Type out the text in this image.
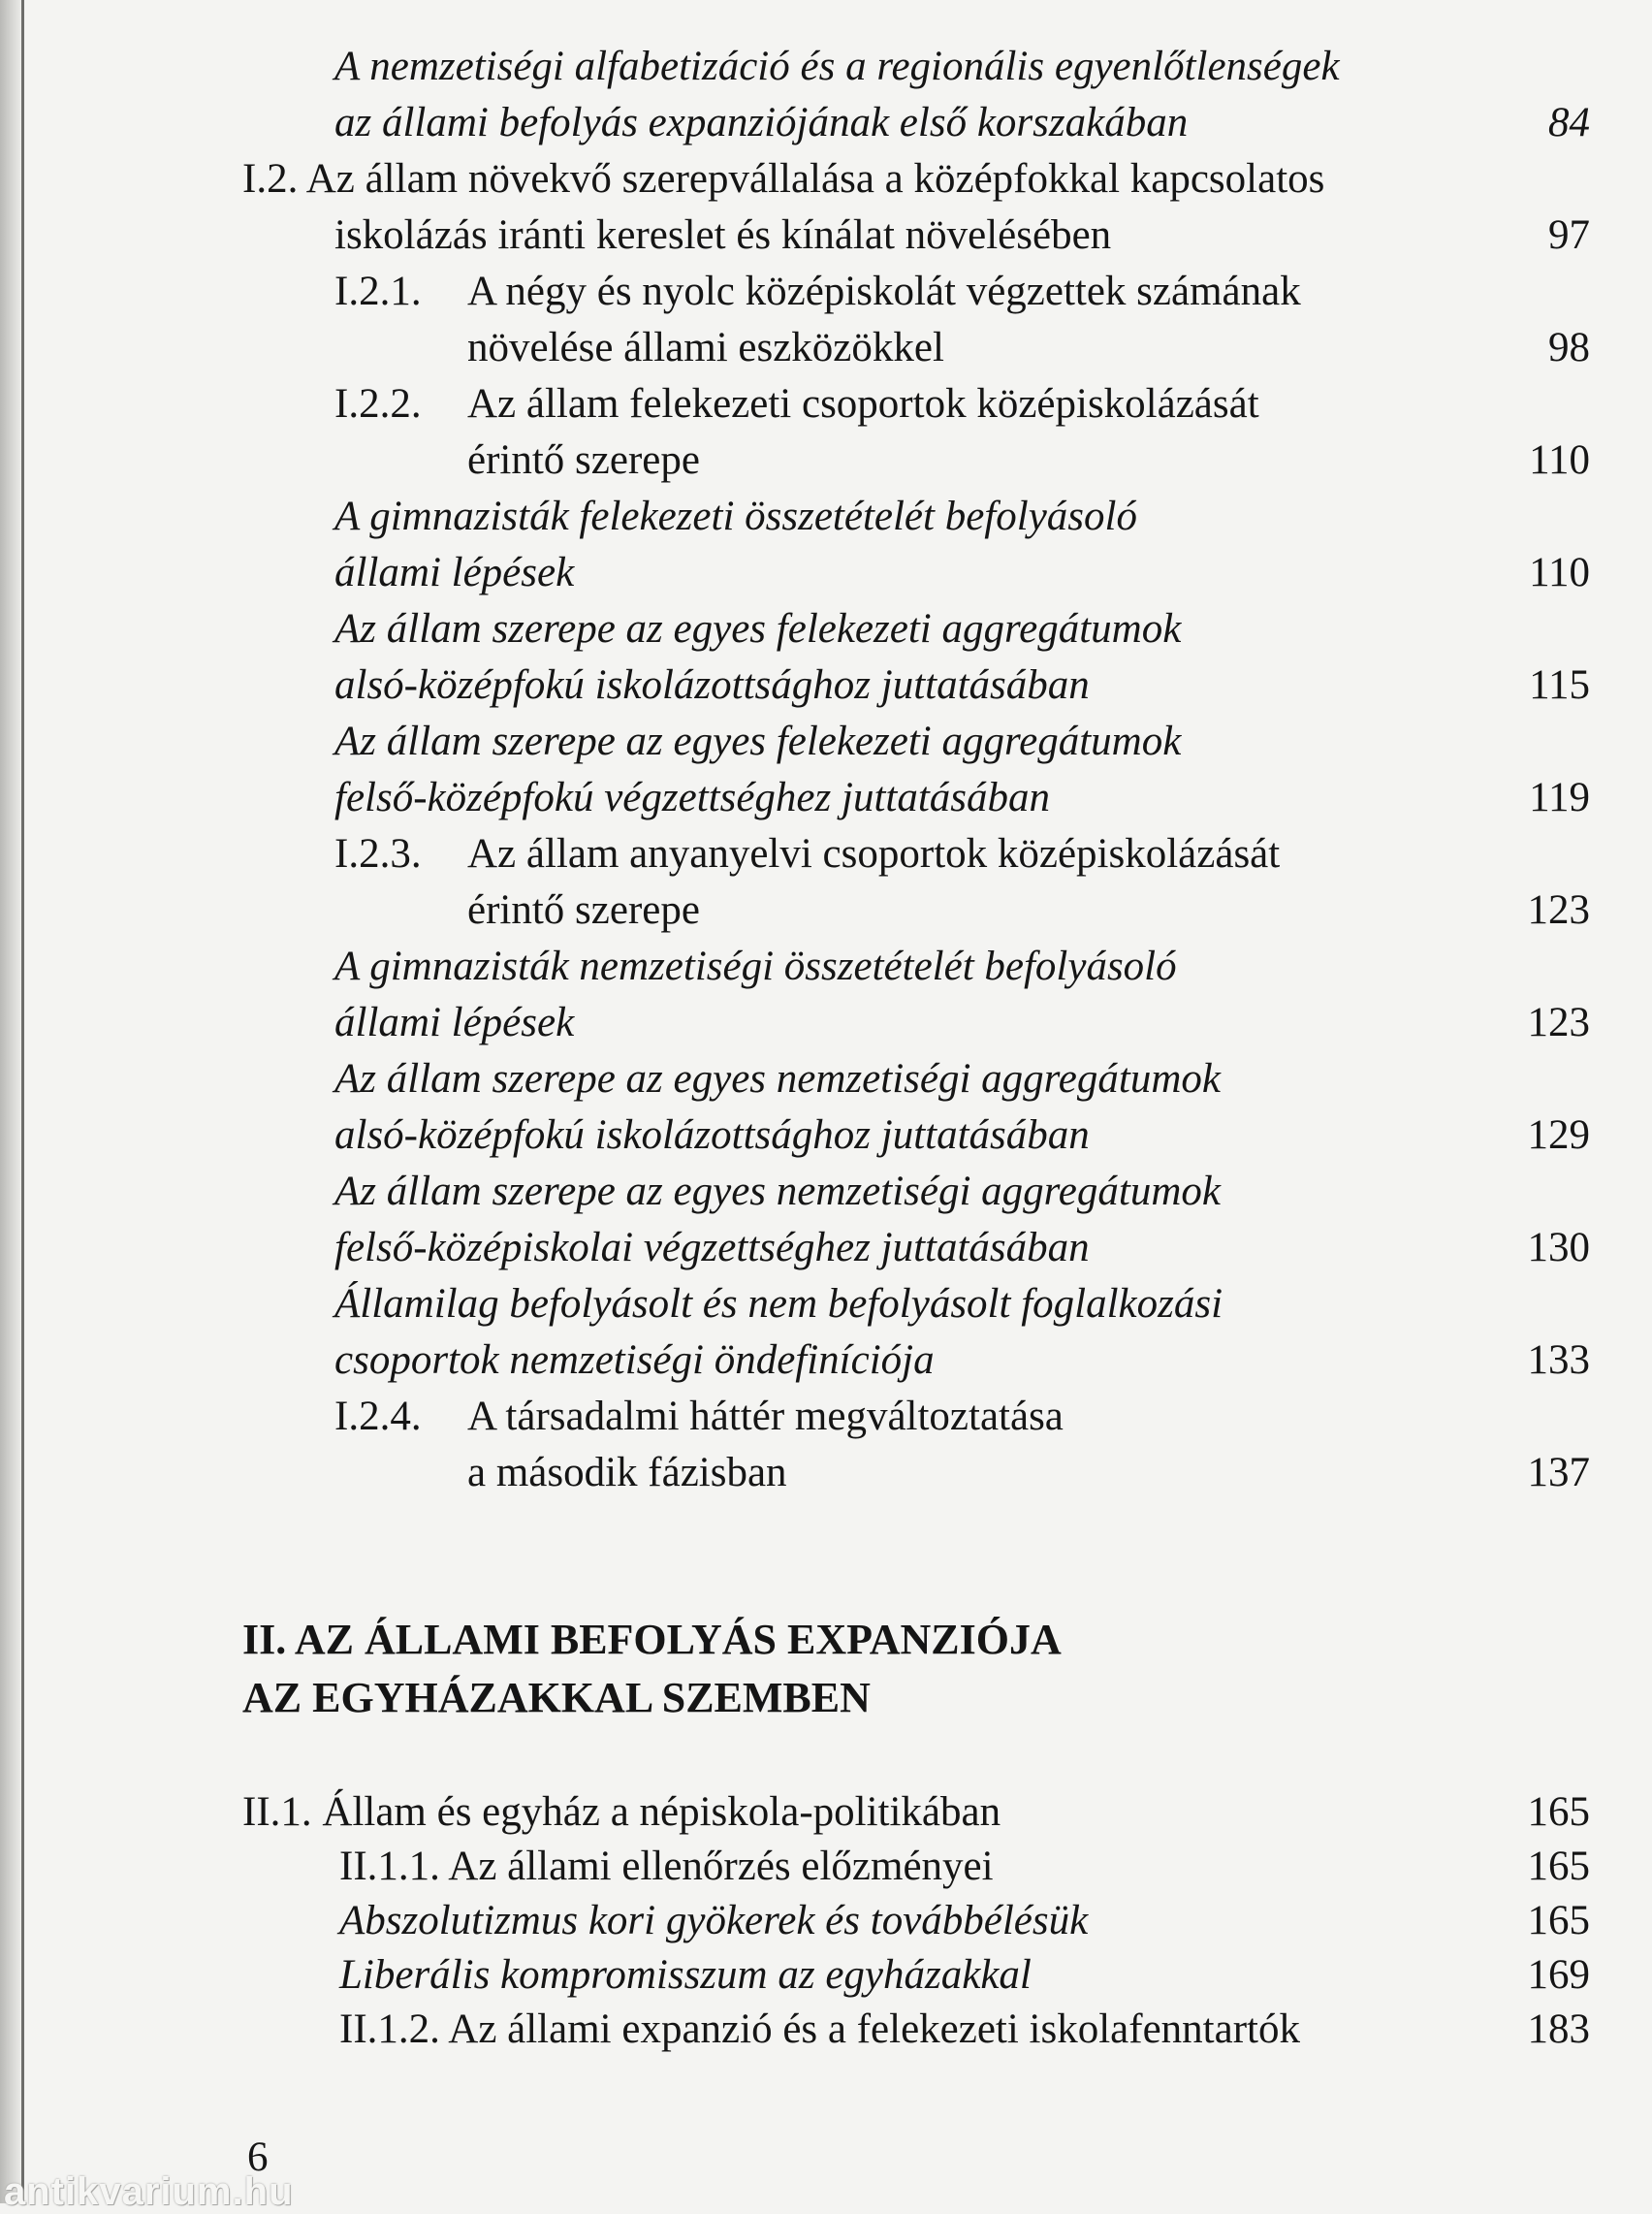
A nemzetiségi alfabetizáció és a regionális egyenlőtlenségek
az állami befolyás expanziójának első korszakában	84
I.2. Az állam növekvő szerepvállalása a középfokkal kapcsolatos
iskolázás iránti kereslet és kínálat növelésében	97
I.2.1. A négy és nyolc középiskolát végzettek számának
növelése állami eszközökkel	98
I.2.2. Az állam felekezeti csoportok középiskolázását
érintő szerepe	110
A gimnazisták felekezeti összetételét befolyásoló
állami lépések	110
Az állam szerepe az egyes felekezeti aggregátumok
alsó-középfokú iskolázottsághoz juttatásában	115
Az állam szerepe az egyes felekezeti aggregátumok
felső-középfokú végzettséghez juttatásában	119
I.2.3. Az állam anyanyelvi csoportok középiskolázását
érintő szerepe	123
A gimnazisták nemzetiségi összetételét befolyásoló
állami lépések	123
Az állam szerepe az egyes nemzetiségi aggregátumok
alsó-középfokú iskolázottsághoz juttatásában	129
Az állam szerepe az egyes nemzetiségi aggregátumok
felső-középiskolai végzettséghez juttatásában	130
Államilag befolyásolt és nem befolyásolt foglalkozási
csoportok nemzetiségi öndefiníciója	133
I.2.4. A társadalmi háttér megváltoztatása
a második fázisban	137
II. AZ ÁLLAMI BEFOLYÁS EXPANZIÓJA
AZ EGYHÁZAKKAL SZEMBEN
II.1. Állam és egyház a népiskola-politikában	165
II.1.1. Az állami ellenőrzés előzményei	165
Abszolutizmus kori gyökerek és továbbélésük	165
Liberális kompromisszum az egyházakkal	169
II.1.2. Az állami expanzió és a felekezeti iskolafenntartók	183
6
antikvarium.hu
